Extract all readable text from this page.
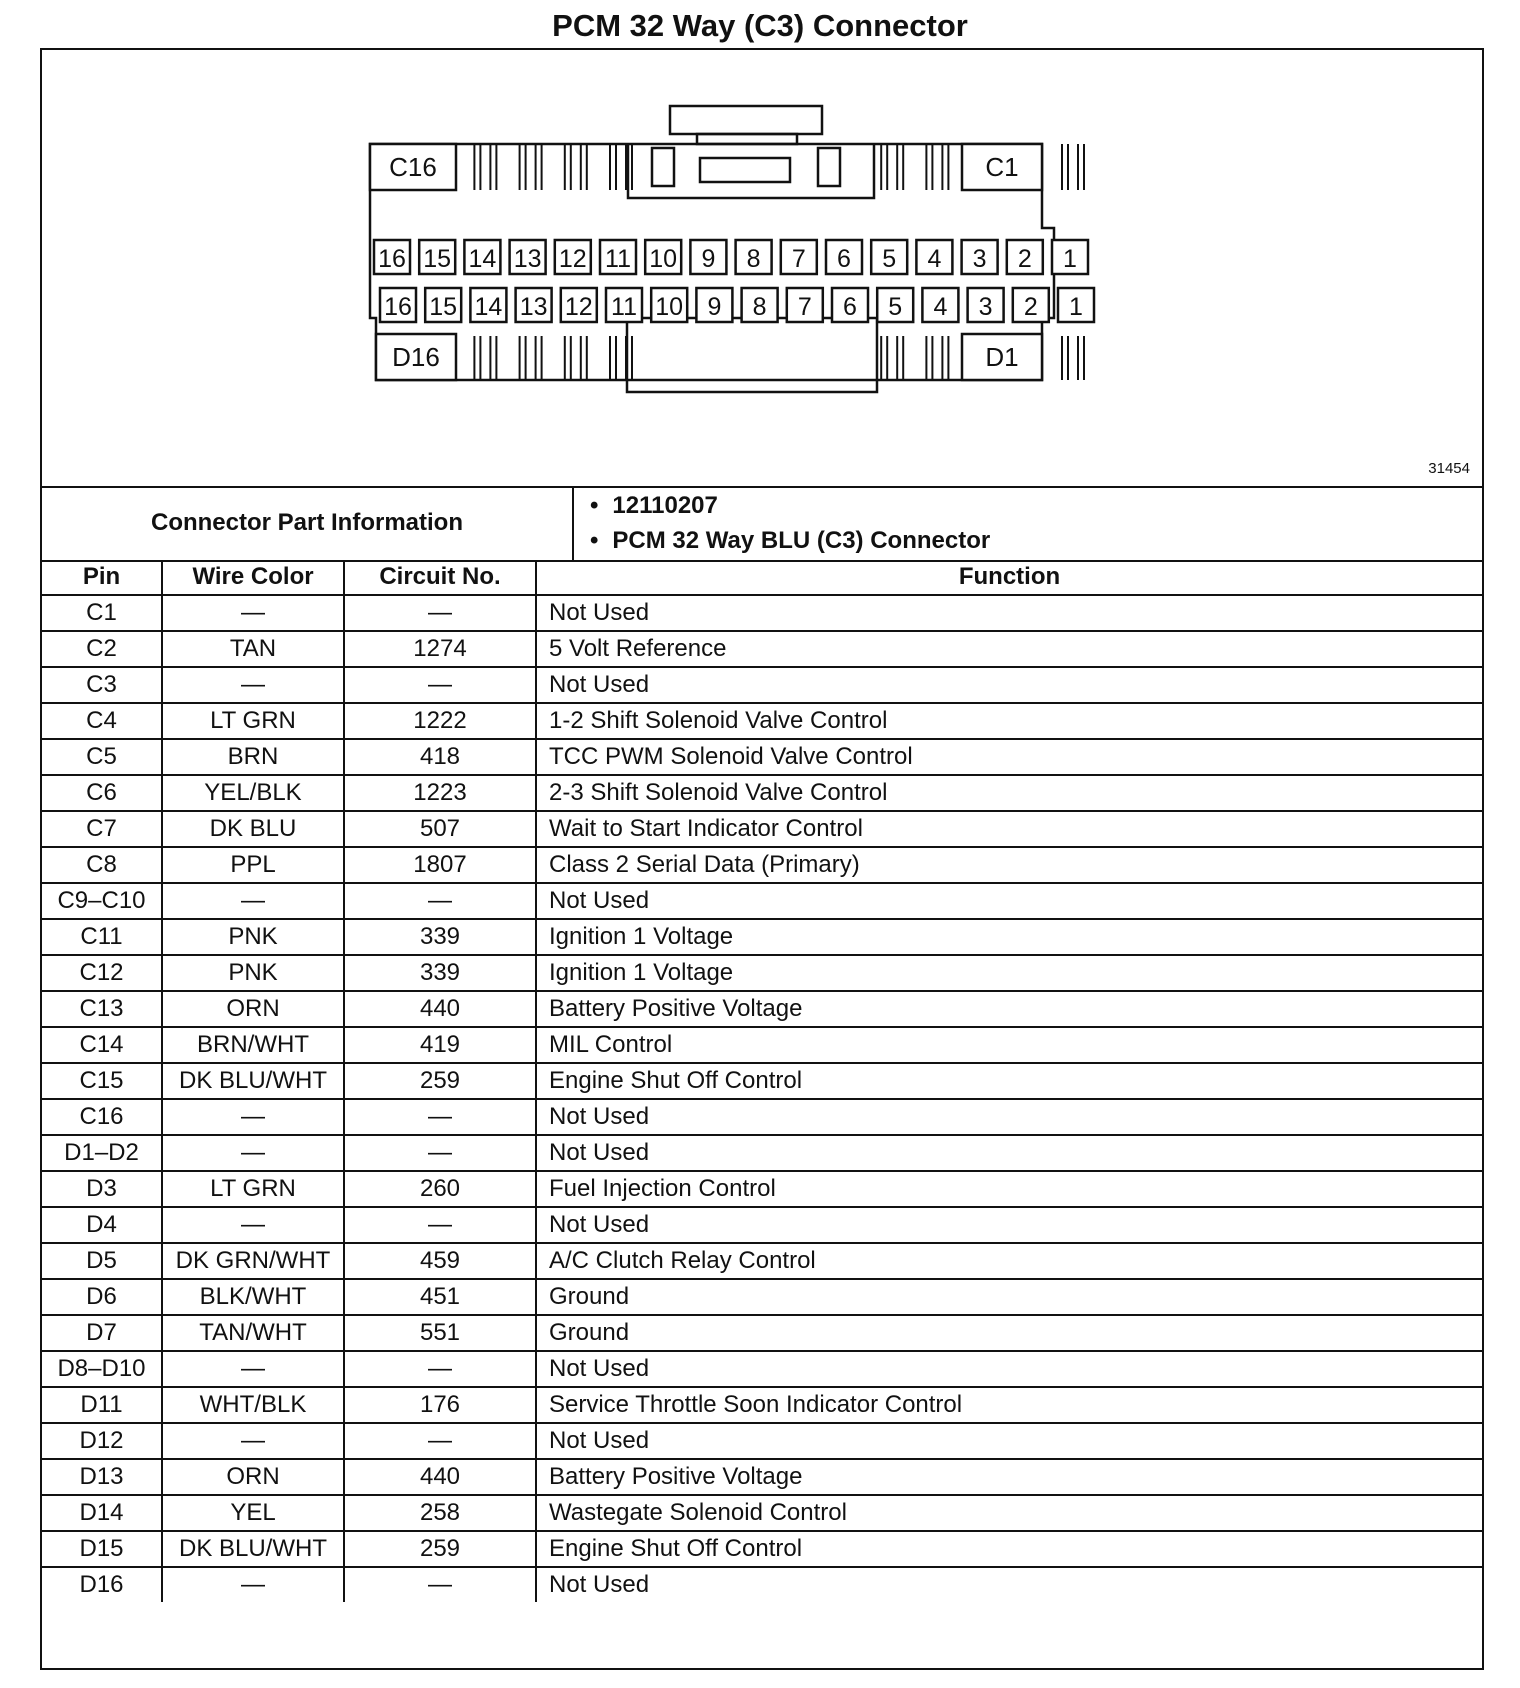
PCM 32 Way (C3) Connector
16 15 14 13 12 11 10 9 8 7 6 5 4 3 2 1
16 15 14 13 12 11 10 9 8 7 6 5 4 3 2 1
C16	C1
D16	D1
31454
Connector Part Information
• 12110207
• PCM 32 Way BLU (C3) Connector
Pin	Wire Color	Circuit No.	Function
C1	—	—	Not Used
C2	TAN	1274	5 Volt Reference
C3	—	—	Not Used
C4	LT GRN	1222	1-2 Shift Solenoid Valve Control
C5	BRN	418	TCC PWM Solenoid Valve Control
C6	YEL/BLK	1223	2-3 Shift Solenoid Valve Control
C7	DK BLU	507	Wait to Start Indicator Control
C8	PPL	1807	Class 2 Serial Data (Primary)
C9–C10	—	—	Not Used
C11	PNK	339	Ignition 1 Voltage
C12	PNK	339	Ignition 1 Voltage
C13	ORN	440	Battery Positive Voltage
C14	BRN/WHT	419	MIL Control
C15	DK BLU/WHT	259	Engine Shut Off Control
C16	—	—	Not Used
D1–D2	—	—	Not Used
D3	LT GRN	260	Fuel Injection Control
D4	—	—	Not Used
D5	DK GRN/WHT	459	A/C Clutch Relay Control
D6	BLK/WHT	451	Ground
D7	TAN/WHT	551	Ground
D8–D10	—	—	Not Used
D11	WHT/BLK	176	Service Throttle Soon Indicator Control
D12	—	—	Not Used
D13	ORN	440	Battery Positive Voltage
D14	YEL	258	Wastegate Solenoid Control
D15	DK BLU/WHT	259	Engine Shut Off Control
D16	—	—	Not Used
